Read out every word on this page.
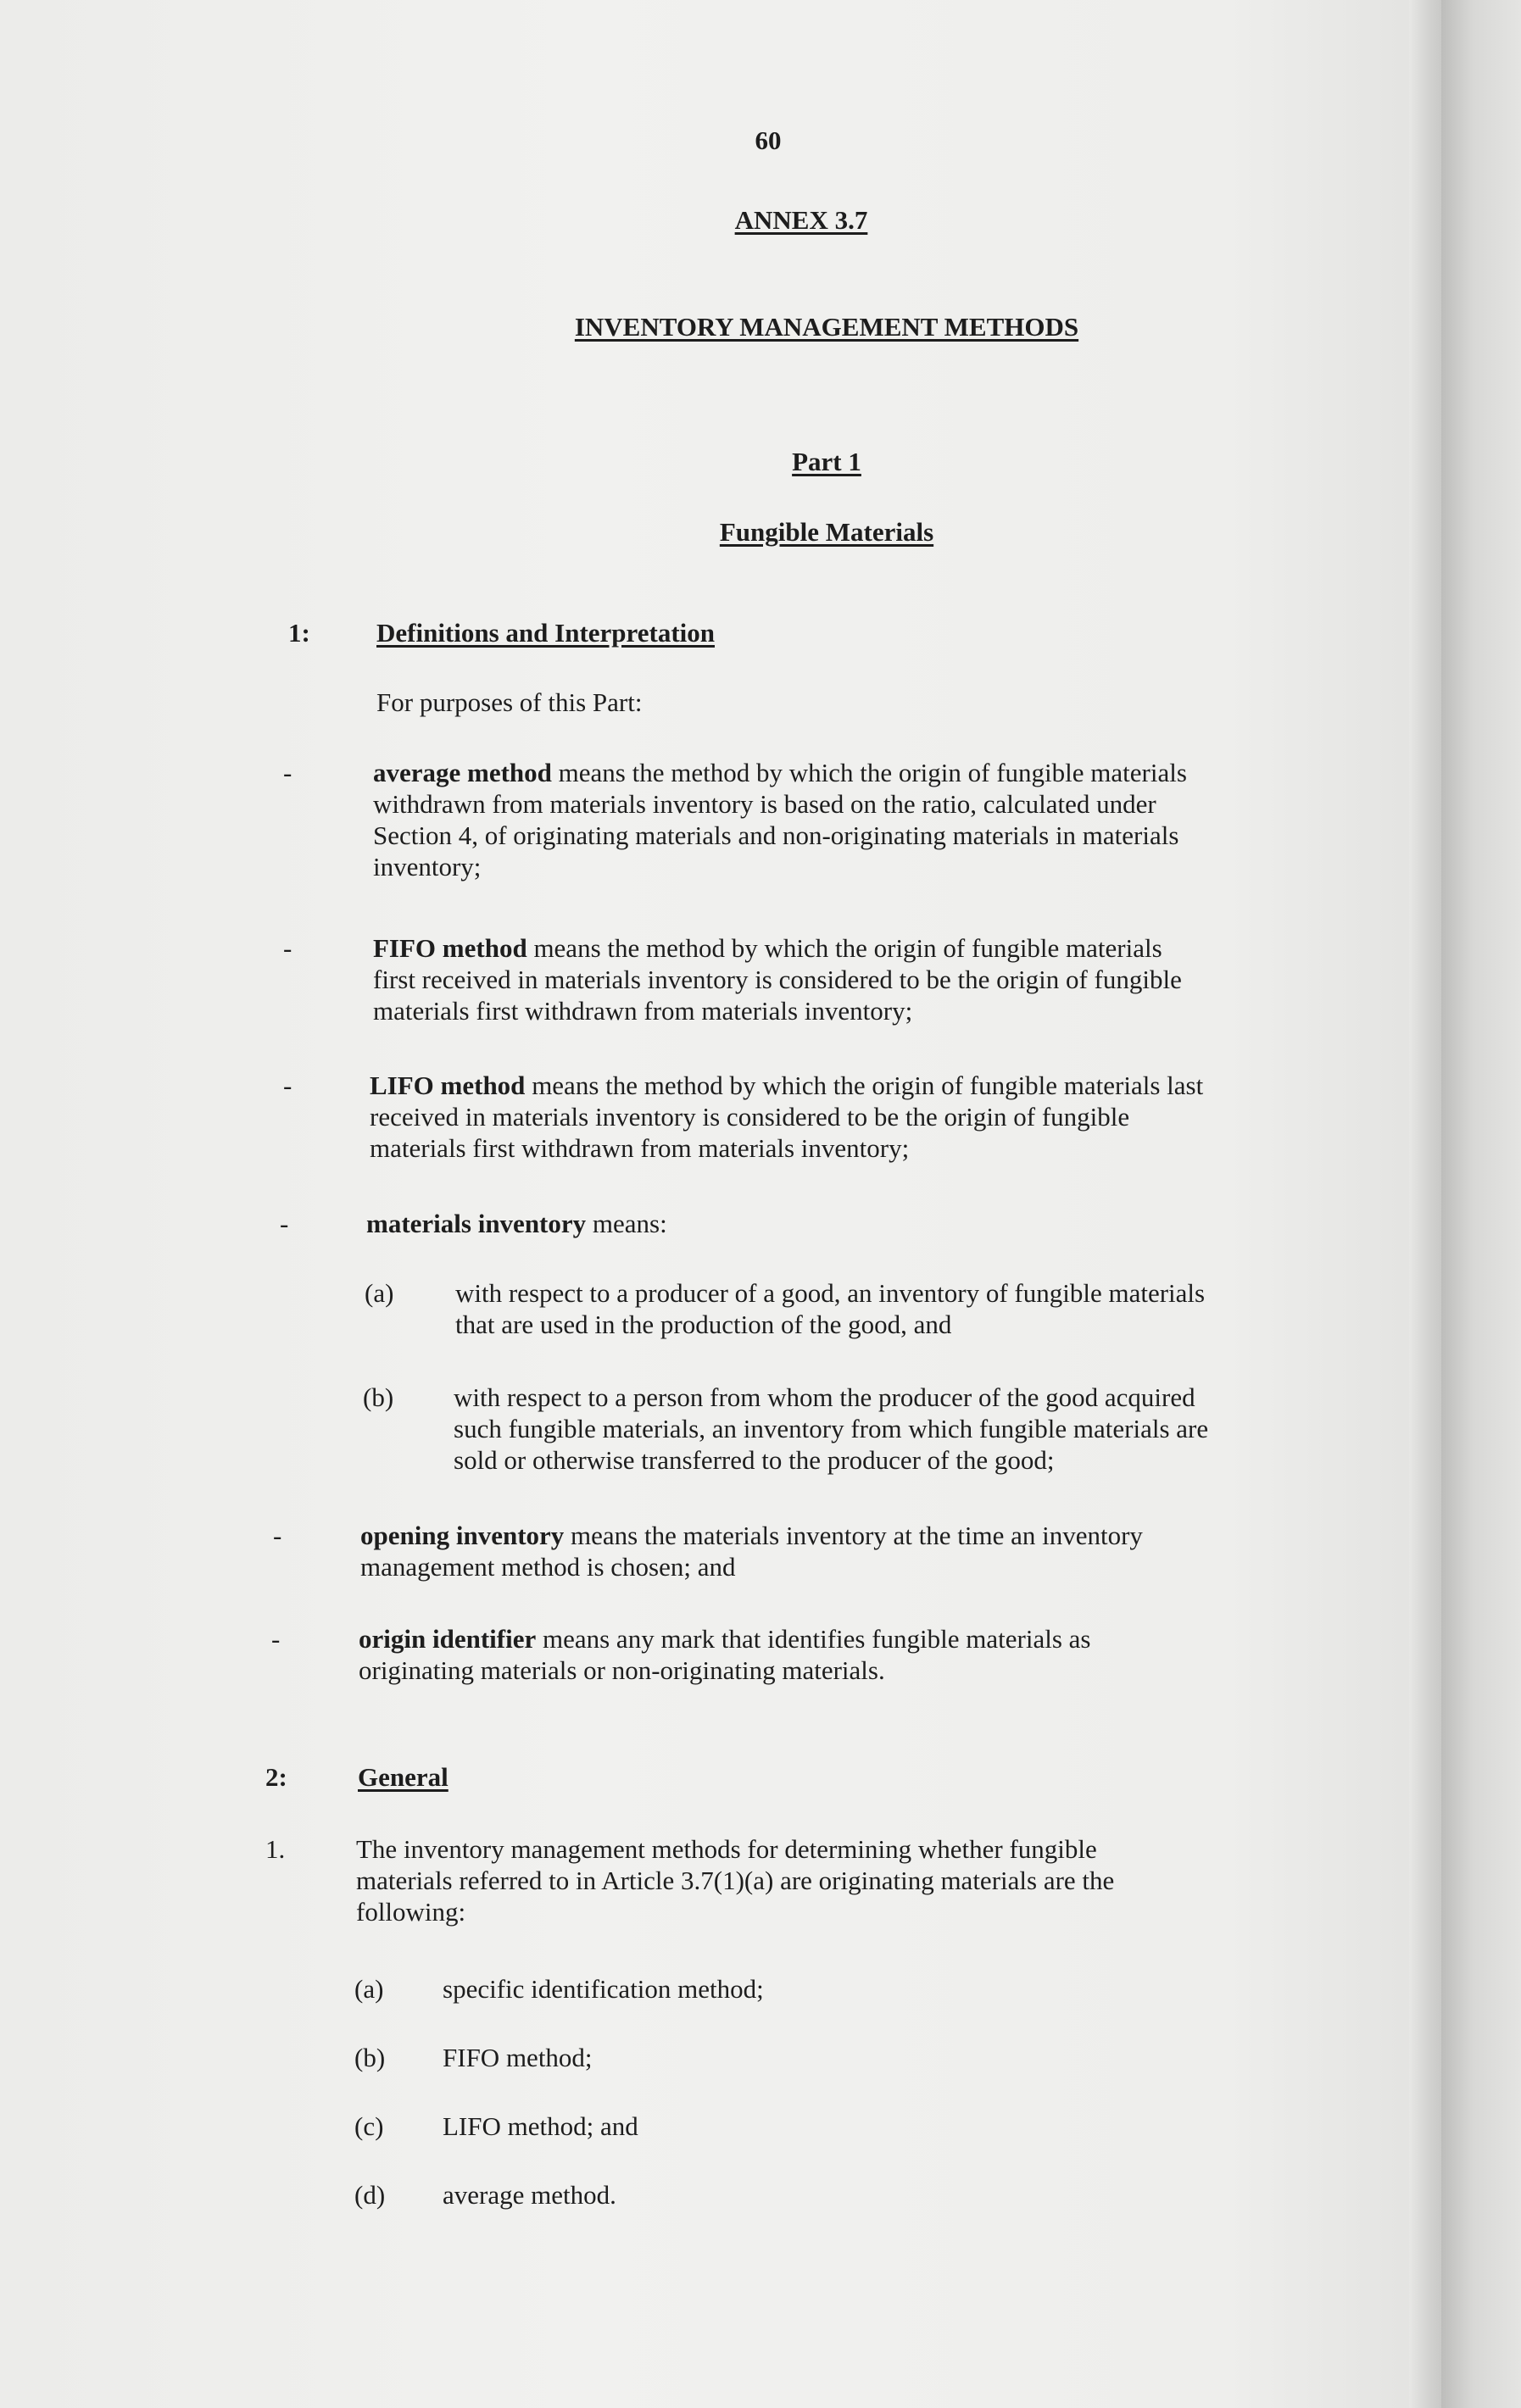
60
ANNEX 3.7
INVENTORY MANAGEMENT METHODS
Part 1
Fungible Materials
1:	Definitions and Interpretation
For purposes of this Part:
-	average method means the method by which the origin of fungible materials
withdrawn from materials inventory is based on the ratio, calculated under
Section 4, of originating materials and non-originating materials in materials
inventory;
-	FIFO method means the method by which the origin of fungible materials
first received in materials inventory is considered to be the origin of fungible
materials first withdrawn from materials inventory;
-	LIFO method means the method by which the origin of fungible materials last
received in materials inventory is considered to be the origin of fungible
materials first withdrawn from materials inventory;
-	materials inventory means:
(a) with respect to a producer of a good, an inventory of fungible materials
that are used in the production of the good, and
(b) with respect to a person from whom the producer of the good acquired
such fungible materials, an inventory from which fungible materials are
sold or otherwise transferred to the producer of the good;
-	opening inventory means the materials inventory at the time an inventory
management method is chosen; and
-	origin identifier means any mark that identifies fungible materials as
originating materials or non-originating materials.
2:	General
1.	The inventory management methods for determining whether fungible
materials referred to in Article 3.7(1)(a) are originating materials are the
following:
(a) specific identification method;
(b) FIFO method;
(c) LIFO method; and
(d) average method.
